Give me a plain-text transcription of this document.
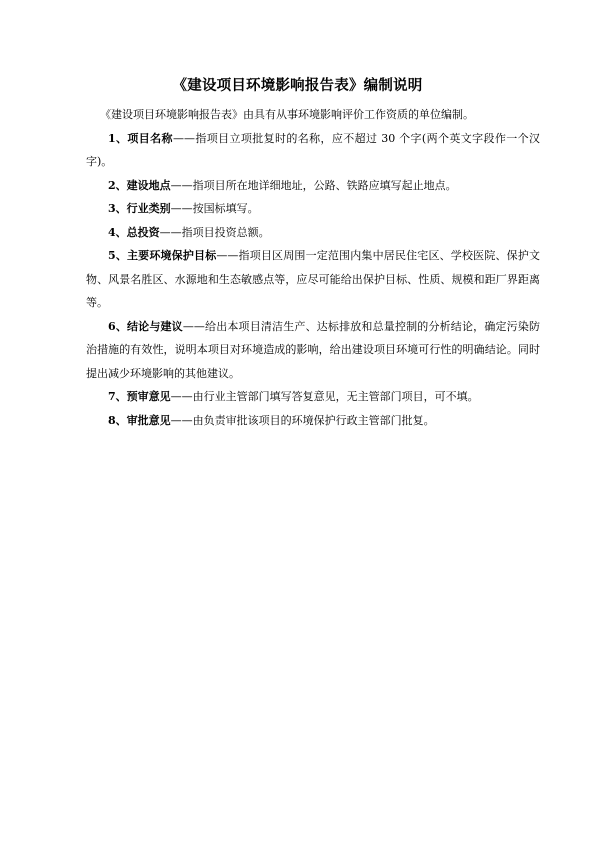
《建设项目环境影响报告表》编制说明

《建设项目环境影响报告表》由具有从事环境影响评价工作资质的单位编制。

1、项目名称——指项目立项批复时的名称，应不超过 30 个字(两个英文字段作一个汉字)。

2、建设地点——指项目所在地详细地址，公路、铁路应填写起止地点。

3、行业类别——按国标填写。

4、总投资——指项目投资总额。

5、主要环境保护目标——指项目区周围一定范围内集中居民住宅区、学校医院、保护文物、风景名胜区、水源地和生态敏感点等，应尽可能给出保护目标、性质、规模和距厂界距离等。

6、结论与建议——给出本项目清洁生产、达标排放和总量控制的分析结论，确定污染防治措施的有效性，说明本项目对环境造成的影响，给出建设项目环境可行性的明确结论。同时提出减少环境影响的其他建议。

7、预审意见——由行业主管部门填写答复意见，无主管部门项目，可不填。

8、审批意见——由负责审批该项目的环境保护行政主管部门批复。
